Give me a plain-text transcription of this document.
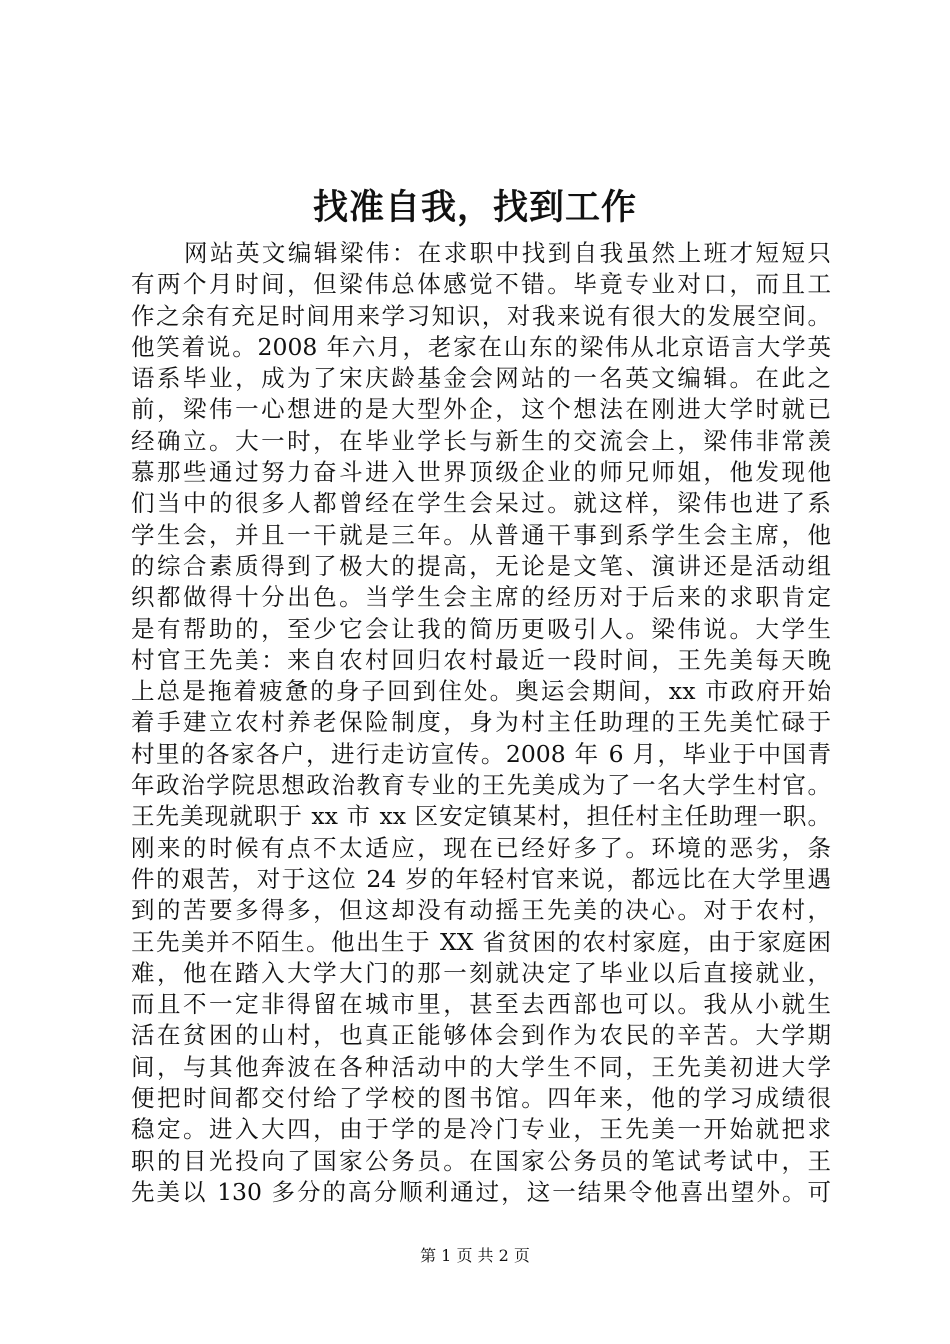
找准自我，找到工作
网站英文编辑梁伟：在求职中找到自我虽然上班才短短只
有两个月时间，但梁伟总体感觉不错。毕竟专业对口，而且工
作之余有充足时间用来学习知识，对我来说有很大的发展空间。
他笑着说。2008 年六月，老家在山东的梁伟从北京语言大学英
语系毕业，成为了宋庆龄基金会网站的一名英文编辑。在此之
前，梁伟一心想进的是大型外企，这个想法在刚进大学时就已
经确立。大一时，在毕业学长与新生的交流会上，梁伟非常羡
慕那些通过努力奋斗进入世界顶级企业的师兄师姐，他发现他
们当中的很多人都曾经在学生会呆过。就这样，梁伟也进了系
学生会，并且一干就是三年。从普通干事到系学生会主席，他
的综合素质得到了极大的提高，无论是文笔、演讲还是活动组
织都做得十分出色。当学生会主席的经历对于后来的求职肯定
是有帮助的，至少它会让我的简历更吸引人。梁伟说。大学生
村官王先美：来自农村回归农村最近一段时间，王先美每天晚
上总是拖着疲惫的身子回到住处。奥运会期间，xx 市政府开始
着手建立农村养老保险制度，身为村主任助理的王先美忙碌于
村里的各家各户，进行走访宣传。2008 年 6 月，毕业于中国青
年政治学院思想政治教育专业的王先美成为了一名大学生村官。
王先美现就职于 xx 市 xx 区安定镇某村，担任村主任助理一职。
刚来的时候有点不太适应，现在已经好多了。环境的恶劣，条
件的艰苦，对于这位 24 岁的年轻村官来说，都远比在大学里遇
到的苦要多得多，但这却没有动摇王先美的决心。对于农村，
王先美并不陌生。他出生于 XX 省贫困的农村家庭，由于家庭困
难，他在踏入大学大门的那一刻就决定了毕业以后直接就业，
而且不一定非得留在城市里，甚至去西部也可以。我从小就生
活在贫困的山村，也真正能够体会到作为农民的辛苦。大学期
间，与其他奔波在各种活动中的大学生不同，王先美初进大学
便把时间都交付给了学校的图书馆。四年来，他的学习成绩很
稳定。进入大四，由于学的是冷门专业，王先美一开始就把求
职的目光投向了国家公务员。在国家公务员的笔试考试中，王
先美以 130 多分的高分顺利通过，这一结果令他喜出望外。可
第 1 页 共 2 页
